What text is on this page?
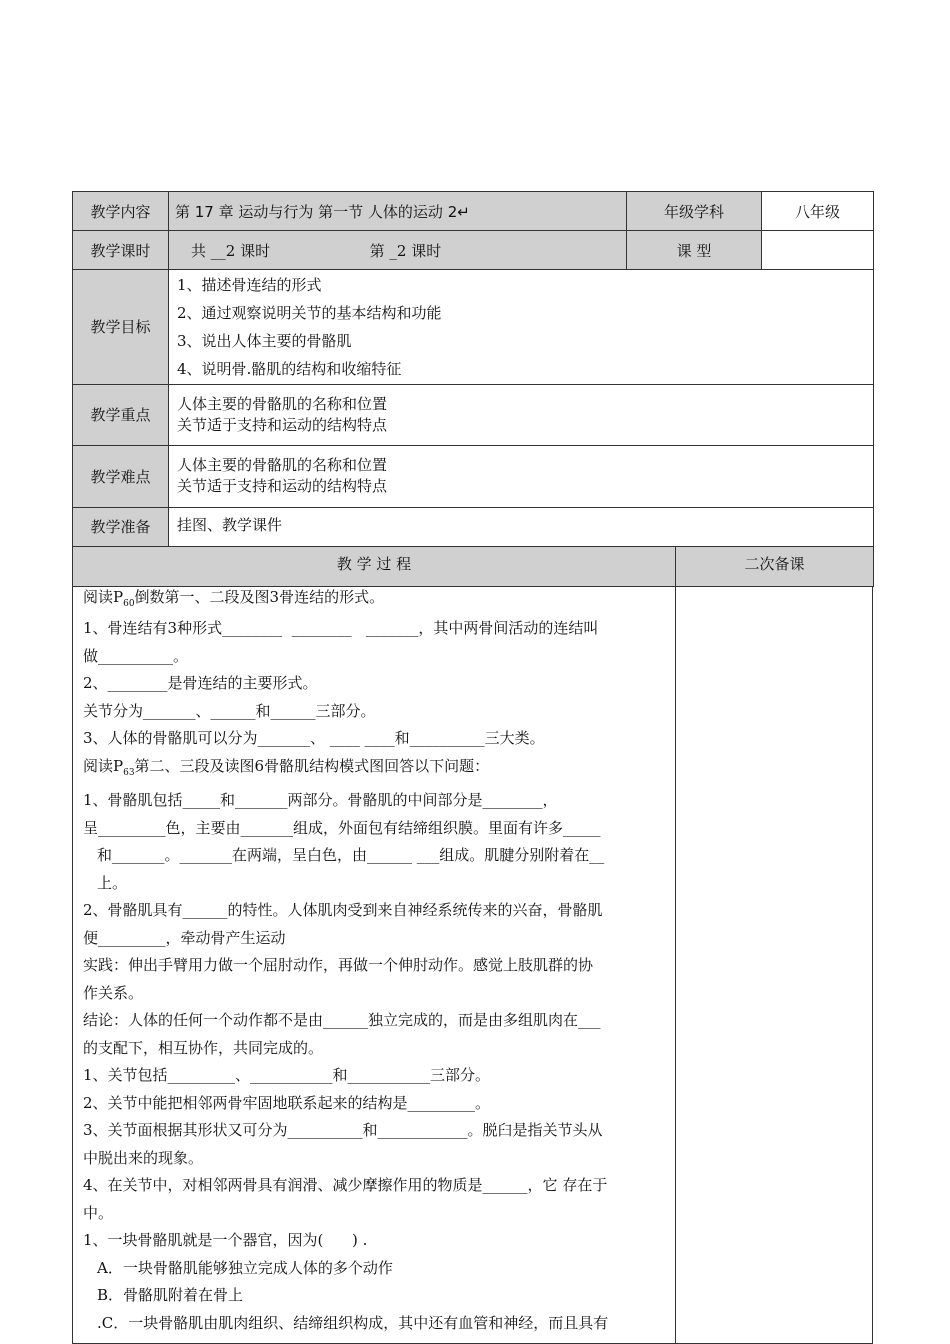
教学内容	第 17 章 运动与行为 第一节 人体的运动 2↵	年级学科	八年级
教学课时	共 __2 课时 第 _2 课时	课 型	
教学目标	1、描述骨连结的形式
2、通过观察说明关节的基本结构和功能
3、说出人体主要的骨骼肌
4、说明骨.骼肌的结构和收缩特征

教学重点	人体主要的骨骼肌的名称和位置
关节适于支持和运动的结构特点

教学难点	人体主要的骨骼肌的名称和位置
关节适于支持和运动的结构特点

教学准备	挂图、教学课件
教 学 过 程	二次备课

阅读$P_{60}$倒数第一、二段及图3骨连结的形式。

1、骨连结有3种形式________  ________   _______，其中两骨间活动的连结叫

做__________。

2、________是骨连结的主要形式。

关节分为_______、______和______三部分。

3、人体的骨骼肌可以分为_______、 ____ ____和__________三大类。

阅读$P_{63}$第二、三段及读图6骨骼肌结构模式图回答以下问题：

1、骨骼肌包括_____和_______两部分。骨骼肌的中间部分是________，

呈_________色，主要由_______组成，外面包有结缔组织膜。里面有许多_____

和_______。_______在两端，呈白色，由______ ___组成。肌腱分别附着在__

上。

2、骨骼肌具有______的特性。人体肌肉受到来自神经系统传来的兴奋，骨骼肌

便_________，牵动骨产生运动

实践：伸出手臂用力做一个屈肘动作，再做一个伸肘动作。感觉上肢肌群的协

作关系。

结论：人体的任何一个动作都不是由______独立完成的，而是由多组肌肉在___

的支配下，相互协作，共同完成的。

1、关节包括_________、___________和___________三部分。

2、关节中能把相邻两骨牢固地联系起来的结构是_________。

3、关节面根据其形状又可分为__________和____________。脱臼是指关节头从

中脱出来的现象。

4、在关节中，对相邻两骨具有润滑、减少摩擦作用的物质是______，它 存在于

中。

1、一块骨骼肌就是一个器官，因为(      ) .

A．一块骨骼肌能够独立完成人体的多个动作

B．骨骼肌附着在骨上

.C．一块骨骼肌由肌肉组织、结缔组织构成，其中还有血管和神经，而且具有
